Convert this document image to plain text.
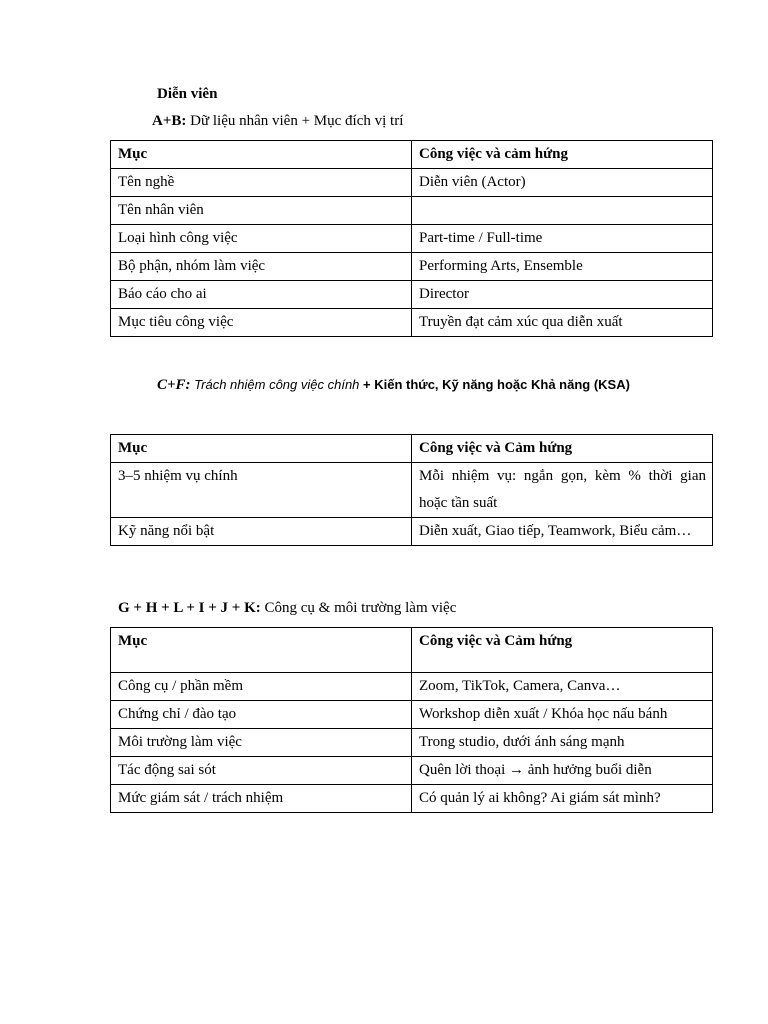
Diễn viên
A+B: Dữ liệu nhân viên + Mục đích vị trí
Mục	Công việc và cảm hứng
Tên nghề	Diễn viên (Actor)
Tên nhân viên	
Loại hình công việc	Part-time / Full-time
Bộ phận, nhóm làm việc	Performing Arts, Ensemble
Báo cáo cho ai	Director
Mục tiêu công việc	Truyền đạt cảm xúc qua diễn xuất
C+F: Trách nhiệm công việc chính + Kiến thức, Kỹ năng hoặc Khả năng (KSA)
Mục	Công việc và Cảm hứng
3–5 nhiệm vụ chính	Mỗi nhiệm vụ: ngắn gọn, kèm % thời gian hoặc tần suất
Kỹ năng nổi bật	Diễn xuất, Giao tiếp, Teamwork, Biểu cảm…
G + H + L + I + J + K: Công cụ & môi trường làm việc
Mục	Công việc và Cảm hứng
Công cụ / phần mềm	Zoom, TikTok, Camera, Canva…
Chứng chỉ / đào tạo	Workshop diễn xuất / Khóa học nấu bánh
Môi trường làm việc	Trong studio, dưới ánh sáng mạnh
Tác động sai sót	Quên lời thoại → ảnh hưởng buổi diễn
Mức giám sát / trách nhiệm	Có quản lý ai không? Ai giám sát mình?
